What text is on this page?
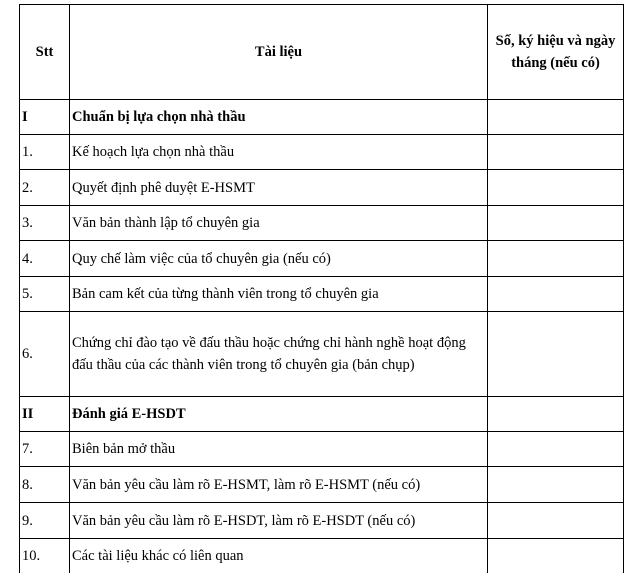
Stt	Tài liệu	Số, ký hiệu và ngày tháng (nếu có)
I	Chuẩn bị lựa chọn nhà thầu	
1.	Kế hoạch lựa chọn nhà thầu	
2.	Quyết định phê duyệt E-HSMT	
3.	Văn bản thành lập tổ chuyên gia	
4.	Quy chế làm việc của tổ chuyên gia (nếu có)	
5.	Bản cam kết của từng thành viên trong tổ chuyên gia	
6.	Chứng chỉ đào tạo về đấu thầu hoặc chứng chỉ hành nghề hoạt động đấu thầu của các thành viên trong tổ chuyên gia (bản chụp)	
II	Đánh giá E-HSDT	
7.	Biên bản mở thầu	
8.	Văn bản yêu cầu làm rõ E-HSMT, làm rõ E-HSMT (nếu có)	
9.	Văn bản yêu cầu làm rõ E-HSDT, làm rõ E-HSDT (nếu có)	
10.	Các tài liệu khác có liên quan	
